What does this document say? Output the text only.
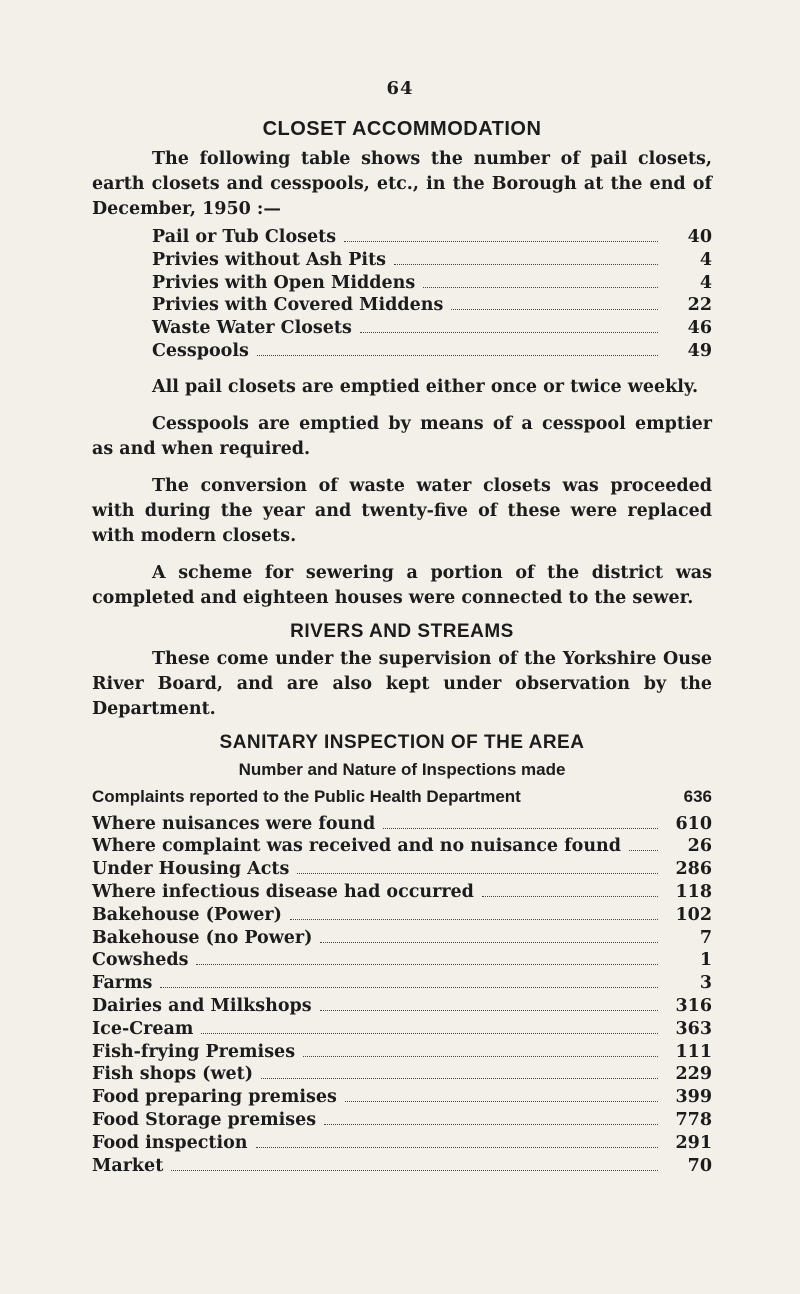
64
CLOSET ACCOMMODATION

The following table shows the number of pail closets, earth closets and cesspools, etc., in the Borough at the end of December, 1950 :—

Pail or Tub Closets	40
Privies without Ash Pits	4
Privies with Open Middens	4
Privies with Covered Middens	22
Waste Water Closets	46
Cesspools	49

All pail closets are emptied either once or twice weekly.

Cesspools are emptied by means of a cesspool emptier as and when required.

The conversion of waste water closets was proceeded with during the year and twenty-five of these were replaced with modern closets.

A scheme for sewering a portion of the district was completed and eighteen houses were connected to the sewer.

RIVERS AND STREAMS

These come under the supervision of the Yorkshire Ouse River Board, and are also kept under observation by the Department.

SANITARY INSPECTION OF THE AREA
Number and Nature of Inspections made
Complaints reported to the Public Health Department	636
Where nuisances were found	610
Where complaint was received and no nuisance found	26
Under Housing Acts	286
Where infectious disease had occurred	118
Bakehouse (Power)	102
Bakehouse (no Power)	7
Cowsheds	1
Farms	3
Dairies and Milkshops	316
Ice-Cream	363
Fish-frying Premises	111
Fish shops (wet)	229
Food preparing premises	399
Food Storage premises	778
Food inspection	291
Market	70
